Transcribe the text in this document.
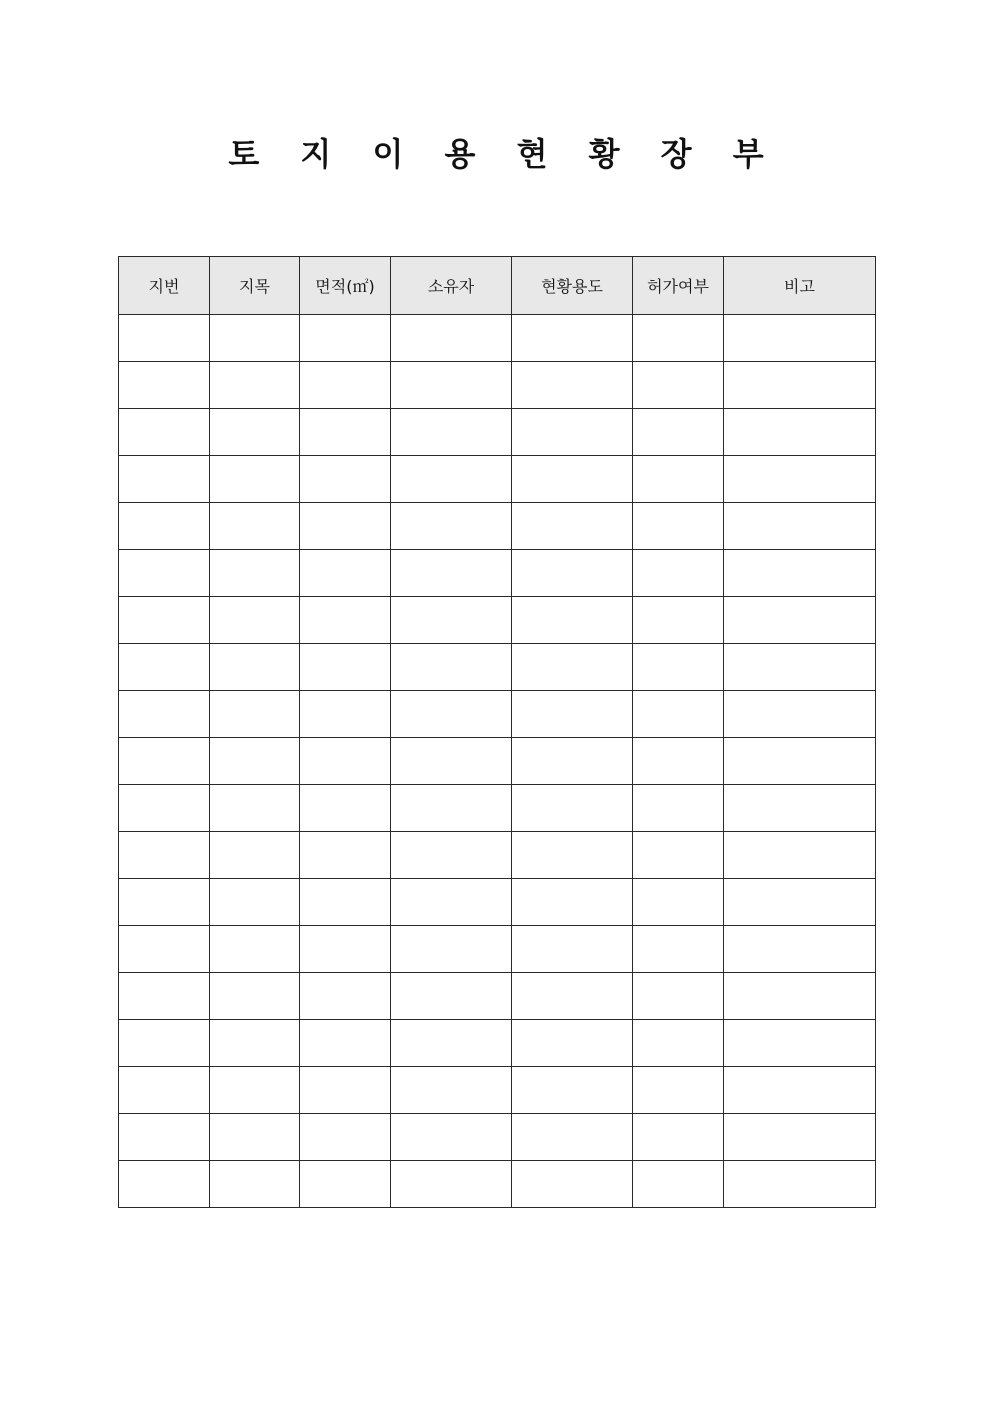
토 지 이 용 현 황 장 부
지번	지목	면적(㎡)	소유자	현황용도	허가여부	비고
